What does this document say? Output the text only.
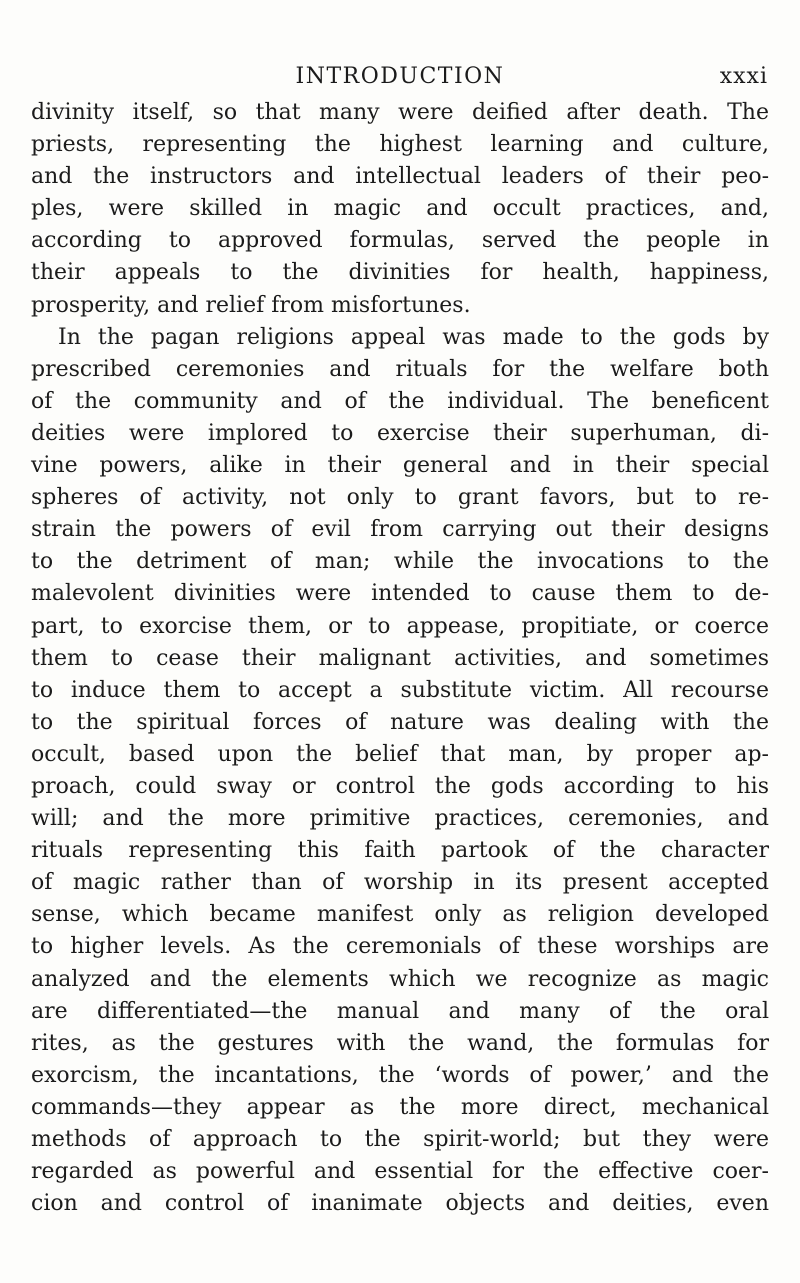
INTRODUCTION	xxxi
divinity itself, so that many were deified after death. The
priests, representing the highest learning and culture,
and the instructors and intellectual leaders of their peo-
ples, were skilled in magic and occult practices, and,
according to approved formulas, served the people in
their appeals to the divinities for health, happiness,
prosperity, and relief from misfortunes.
In the pagan religions appeal was made to the gods by
prescribed ceremonies and rituals for the welfare both
of the community and of the individual. The beneficent
deities were implored to exercise their superhuman, di-
vine powers, alike in their general and in their special
spheres of activity, not only to grant favors, but to re-
strain the powers of evil from carrying out their designs
to the detriment of man; while the invocations to the
malevolent divinities were intended to cause them to de-
part, to exorcise them, or to appease, propitiate, or coerce
them to cease their malignant activities, and sometimes
to induce them to accept a substitute victim. All recourse
to the spiritual forces of nature was dealing with the
occult, based upon the belief that man, by proper ap-
proach, could sway or control the gods according to his
will; and the more primitive practices, ceremonies, and
rituals representing this faith partook of the character
of magic rather than of worship in its present accepted
sense, which became manifest only as religion developed
to higher levels. As the ceremonials of these worships are
analyzed and the elements which we recognize as magic
are differentiated—the manual and many of the oral
rites, as the gestures with the wand, the formulas for
exorcism, the incantations, the ‘words of power,’ and the
commands—they appear as the more direct, mechanical
methods of approach to the spirit-world; but they were
regarded as powerful and essential for the effective coer-
cion and control of inanimate objects and deities, even
